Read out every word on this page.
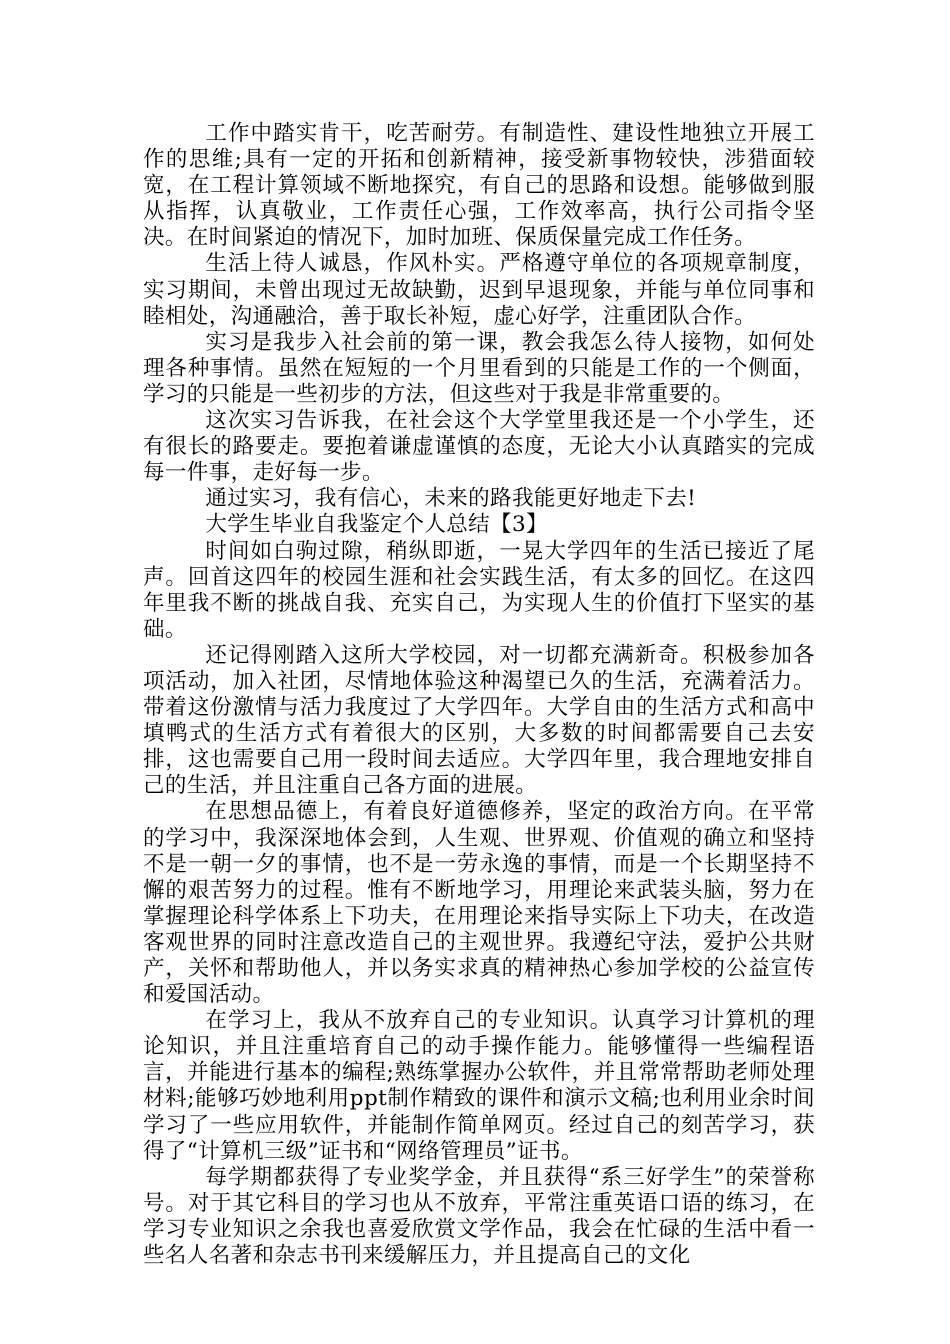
工作中踏实肯干，吃苦耐劳。有制造性、建设性地独立开展工作的思维;具有一定的开拓和创新精神，接受新事物较快，涉猎面较宽，在工程计算领域不断地探究，有自己的思路和设想。能够做到服从指挥，认真敬业，工作责任心强，工作效率高，执行公司指令坚决。在时间紧迫的情况下，加时加班、保质保量完成工作任务。

生活上待人诚恳，作风朴实。严格遵守单位的各项规章制度，实习期间，未曾出现过无故缺勤，迟到早退现象，并能与单位同事和睦相处，沟通融洽，善于取长补短，虚心好学，注重团队合作。

实习是我步入社会前的第一课，教会我怎么待人接物，如何处理各种事情。虽然在短短的一个月里看到的只能是工作的一个侧面，学习的只能是一些初步的方法，但这些对于我是非常重要的。

这次实习告诉我，在社会这个大学堂里我还是一个小学生，还有很长的路要走。要抱着谦虚谨慎的态度，无论大小认真踏实的完成每一件事，走好每一步。

通过实习，我有信心，未来的路我能更好地走下去!

大学生毕业自我鉴定个人总结【3】

时间如白驹过隙，稍纵即逝，一晃大学四年的生活已接近了尾声。回首这四年的校园生涯和社会实践生活，有太多的回忆。在这四年里我不断的挑战自我、充实自己，为实现人生的价值打下坚实的基础。

还记得刚踏入这所大学校园，对一切都充满新奇。积极参加各项活动，加入社团，尽情地体验这种渴望已久的生活，充满着活力。带着这份激情与活力我度过了大学四年。大学自由的生活方式和高中填鸭式的生活方式有着很大的区别，大多数的时间都需要自己去安排，这也需要自己用一段时间去适应。大学四年里，我合理地安排自己的生活，并且注重自己各方面的进展。

在思想品德上，有着良好道德修养，坚定的政治方向。在平常的学习中，我深深地体会到，人生观、世界观、价值观的确立和坚持不是一朝一夕的事情，也不是一劳永逸的事情，而是一个长期坚持不懈的艰苦努力的过程。惟有不断地学习，用理论来武装头脑，努力在掌握理论科学体系上下功夫，在用理论来指导实际上下功夫，在改造客观世界的同时注意改造自己的主观世界。我遵纪守法，爱护公共财产，关怀和帮助他人，并以务实求真的精神热心参加学校的公益宣传和爱国活动。

在学习上，我从不放弃自己的专业知识。认真学习计算机的理论知识，并且注重培育自己的动手操作能力。能够懂得一些编程语言，并能进行基本的编程;熟练掌握办公软件，并且常常帮助老师处理材料;能够巧妙地利用ppt制作精致的课件和演示文稿;也利用业余时间学习了一些应用软件，并能制作简单网页。经过自己的刻苦学习，获得了“计算机三级”证书和“网络管理员”证书。

每学期都获得了专业奖学金，并且获得“系三好学生”的荣誉称号。对于其它科目的学习也从不放弃，平常注重英语口语的练习，在学习专业知识之余我也喜爱欣赏文学作品，我会在忙碌的生活中看一些名人名著和杂志书刊来缓解压力，并且提高自己的文化
